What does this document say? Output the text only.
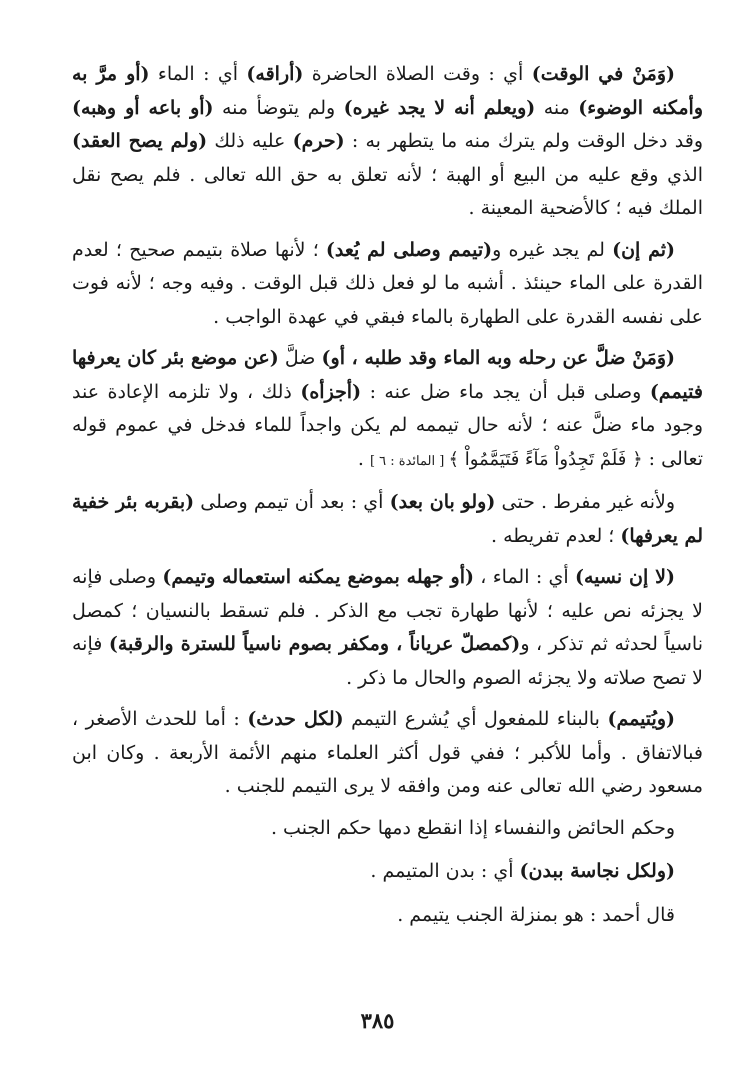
(وَمَنْ في الوقت) أي : وقت الصلاة الحاضرة (أراقه) أي : الماء (أو مرَّ به وأمكنه الوضوء) منه (ويعلم أنه لا يجد غيره) ولم يتوضأ منه (أو باعه أو وهبه) وقد دخل الوقت ولم يترك منه ما يتطهر به : (حرم) عليه ذلك (ولم يصح العقد) الذي وقع عليه من البيع أو الهبة ؛ لأنه تعلق به حق الله تعالى . فلم يصح نقل الملك فيه ؛ كالأضحية المعينة .

(ثم إن) لم يجد غيره و(تيمم وصلى لم يُعد) ؛ لأنها صلاة بتيمم صحيح ؛ لعدم القدرة على الماء حينئذ . أشبه ما لو فعل ذلك قبل الوقت . وفيه وجه ؛ لأنه فوت على نفسه القدرة على الطهارة بالماء فبقي في عهدة الواجب .

(وَمَنْ ضلَّ عن رحله وبه الماء وقد طلبه ، أو) ضلَّ (عن موضع بئر كان يعرفها فتيمم) وصلى قبل أن يجد ماء ضل عنه : (أجزأه) ذلك ، ولا تلزمه الإعادة عند وجود ماء ضلَّ عنه ؛ لأنه حال تيممه لم يكن واجداً للماء فدخل في عموم قوله تعالى : ﴿ فَلَمْ تَجِدُواْ مَآءً فَتَيَمَّمُواْ ﴾ [ المائدة : ٦ ] .

ولأنه غير مفرط . حتى (ولو بان بعد) أي : بعد أن تيمم وصلى (بقربه بئر خفية لم يعرفها) ؛ لعدم تفريطه .

(لا إن نسيه) أي : الماء ، (أو جهله بموضع يمكنه استعماله وتيمم) وصلى فإنه لا يجزئه نص عليه ؛ لأنها طهارة تجب مع الذكر . فلم تسقط بالنسيان ؛ كمصل ناسياً لحدثه ثم تذكر ، و(كمصلّ عرياناً ، ومكفر بصوم ناسياً للسترة والرقبة) فإنه لا تصح صلاته ولا يجزئه الصوم والحال ما ذكر .

(ويُتيمم) بالبناء للمفعول أي يُشرع التيمم (لكل حدث) : أما للحدث الأصغر ، فبالاتفاق . وأما للأكبر ؛ ففي قول أكثر العلماء منهم الأئمة الأربعة . وكان ابن مسعود رضي الله تعالى عنه ومن وافقه لا يرى التيمم للجنب .

وحكم الحائض والنفساء إذا انقطع دمها حكم الجنب .

(ولكل نجاسة ببدن) أي : بدن المتيمم .

قال أحمد : هو بمنزلة الجنب يتيمم .

٣٨٥
